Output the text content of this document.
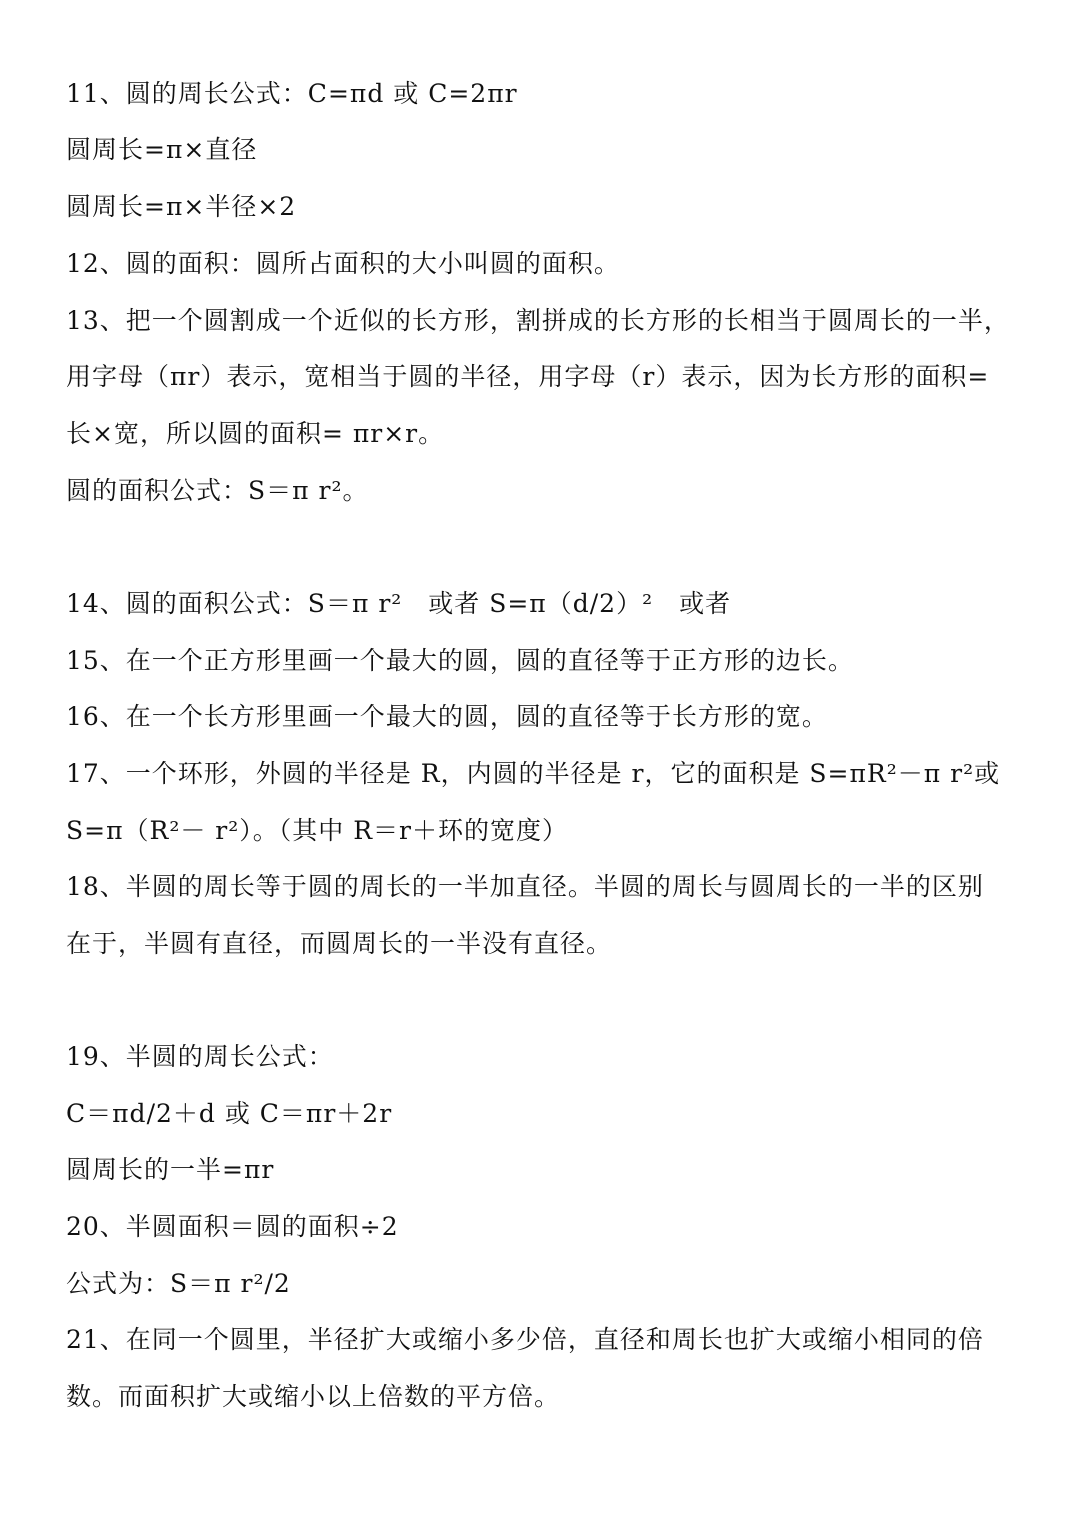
11、圆的周长公式：C=πd 或 C=2πr
圆周长=π×直径
圆周长=π×半径×2
12、圆的面积：圆所占面积的大小叫圆的面积。
13、把一个圆割成一个近似的长方形，割拼成的长方形的长相当于圆周长的一半，
用字母（πr）表示，宽相当于圆的半径，用字母（r）表示，因为长方形的面积=
长×宽，所以圆的面积= πr×r。
圆的面积公式：S＝π r²。
14、圆的面积公式：S＝π r²　或者 S=π（d/2）²　或者
15、在一个正方形里画一个最大的圆，圆的直径等于正方形的边长。
16、在一个长方形里画一个最大的圆，圆的直径等于长方形的宽。
17、一个环形，外圆的半径是 R，内圆的半径是 r，它的面积是 S=πR²－π r²或
S=π（R²－ r²）。（其中 R＝r＋环的宽度）
18、半圆的周长等于圆的周长的一半加直径。半圆的周长与圆周长的一半的区别
在于，半圆有直径，而圆周长的一半没有直径。
19、半圆的周长公式：
C＝πd/2＋d 或 C＝πr＋2r
圆周长的一半=πr
20、半圆面积＝圆的面积÷2
公式为：S＝π r²/2
21、在同一个圆里，半径扩大或缩小多少倍，直径和周长也扩大或缩小相同的倍
数。而面积扩大或缩小以上倍数的平方倍。
